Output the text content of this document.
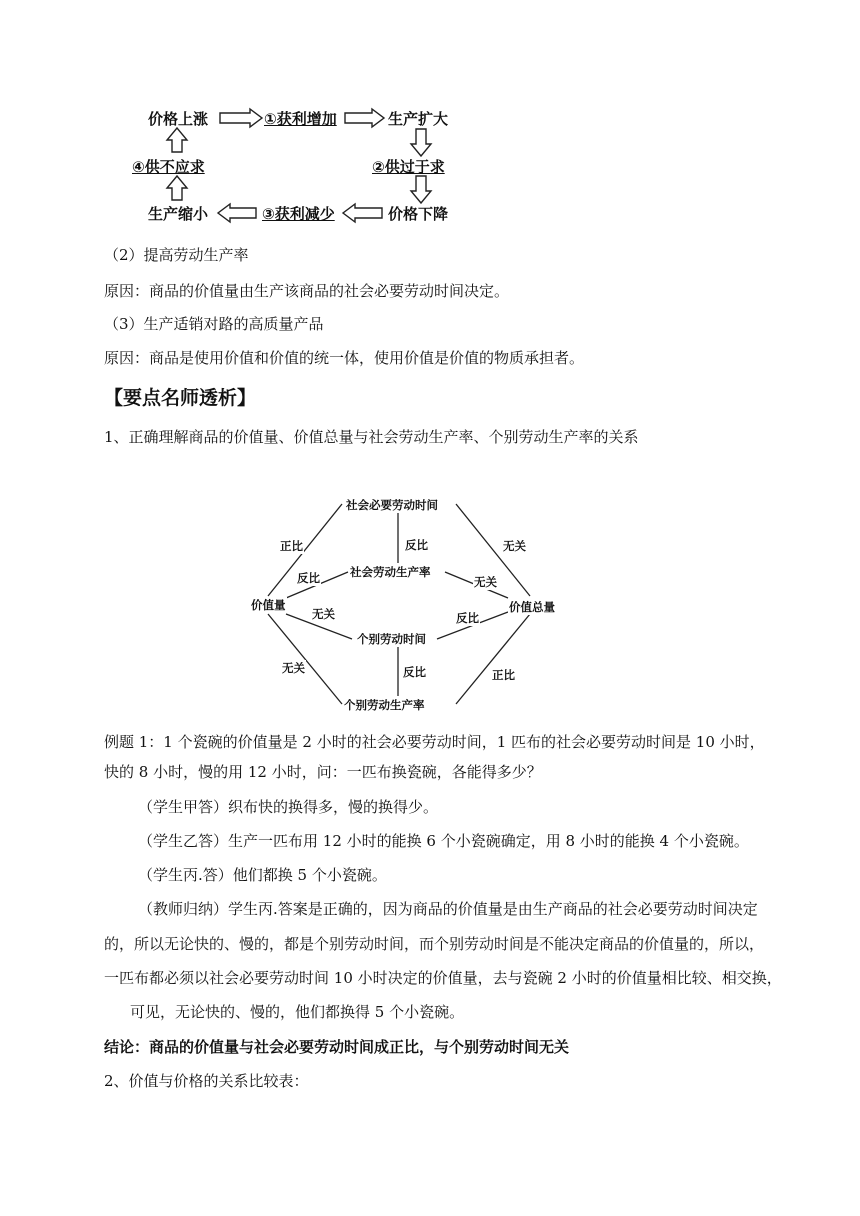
价格上涨	①获利增加	生产扩大
②供过于求
价格下降
③获利减少
生产缩小
④供不应求
（2）提高劳动生产率
原因：商品的价值量由生产该商品的社会必要劳动时间决定。
（3）生产适销对路的高质量产品
原因：商品是使用价值和价值的统一体，使用价值是价值的物质承担者。
【要点名师透析】
1、正确理解商品的价值量、价值总量与社会劳动生产率、个别劳动生产率的关系
社会必要劳动时间
社会劳动生产率
价值量	价值总量
个别劳动时间
个别劳动生产率
正比	反比	无关
反比	无关
无关	反比
无关	反比	正比
例题 1：1 个瓷碗的价值量是 2 小时的社会必要劳动时间，1 匹布的社会必要劳动时间是 10 小时，
快的 8 小时，慢的用 12 小时，问：一匹布换瓷碗，各能得多少？
（学生甲答）织布快的换得多，慢的换得少。
（学生乙答）生产一匹布用 12 小时的能换 6 个小瓷碗确定，用 8 小时的能换 4 个小瓷碗。
（学生丙.答）他们都换 5 个小瓷碗。
（教师归纳）学生丙.答案是正确的，因为商品的价值量是由生产商品的社会必要劳动时间决定
的，所以无论快的、慢的，都是个别劳动时间，而个别劳动时间是不能决定商品的价值量的，所以，
一匹布都必须以社会必要劳动时间 10 小时决定的价值量，去与瓷碗 2 小时的价值量相比较、相交换，
可见，无论快的、慢的，他们都换得 5 个小瓷碗。
结论：商品的价值量与社会必要劳动时间成正比，与个别劳动时间无关
2、价值与价格的关系比较表：
